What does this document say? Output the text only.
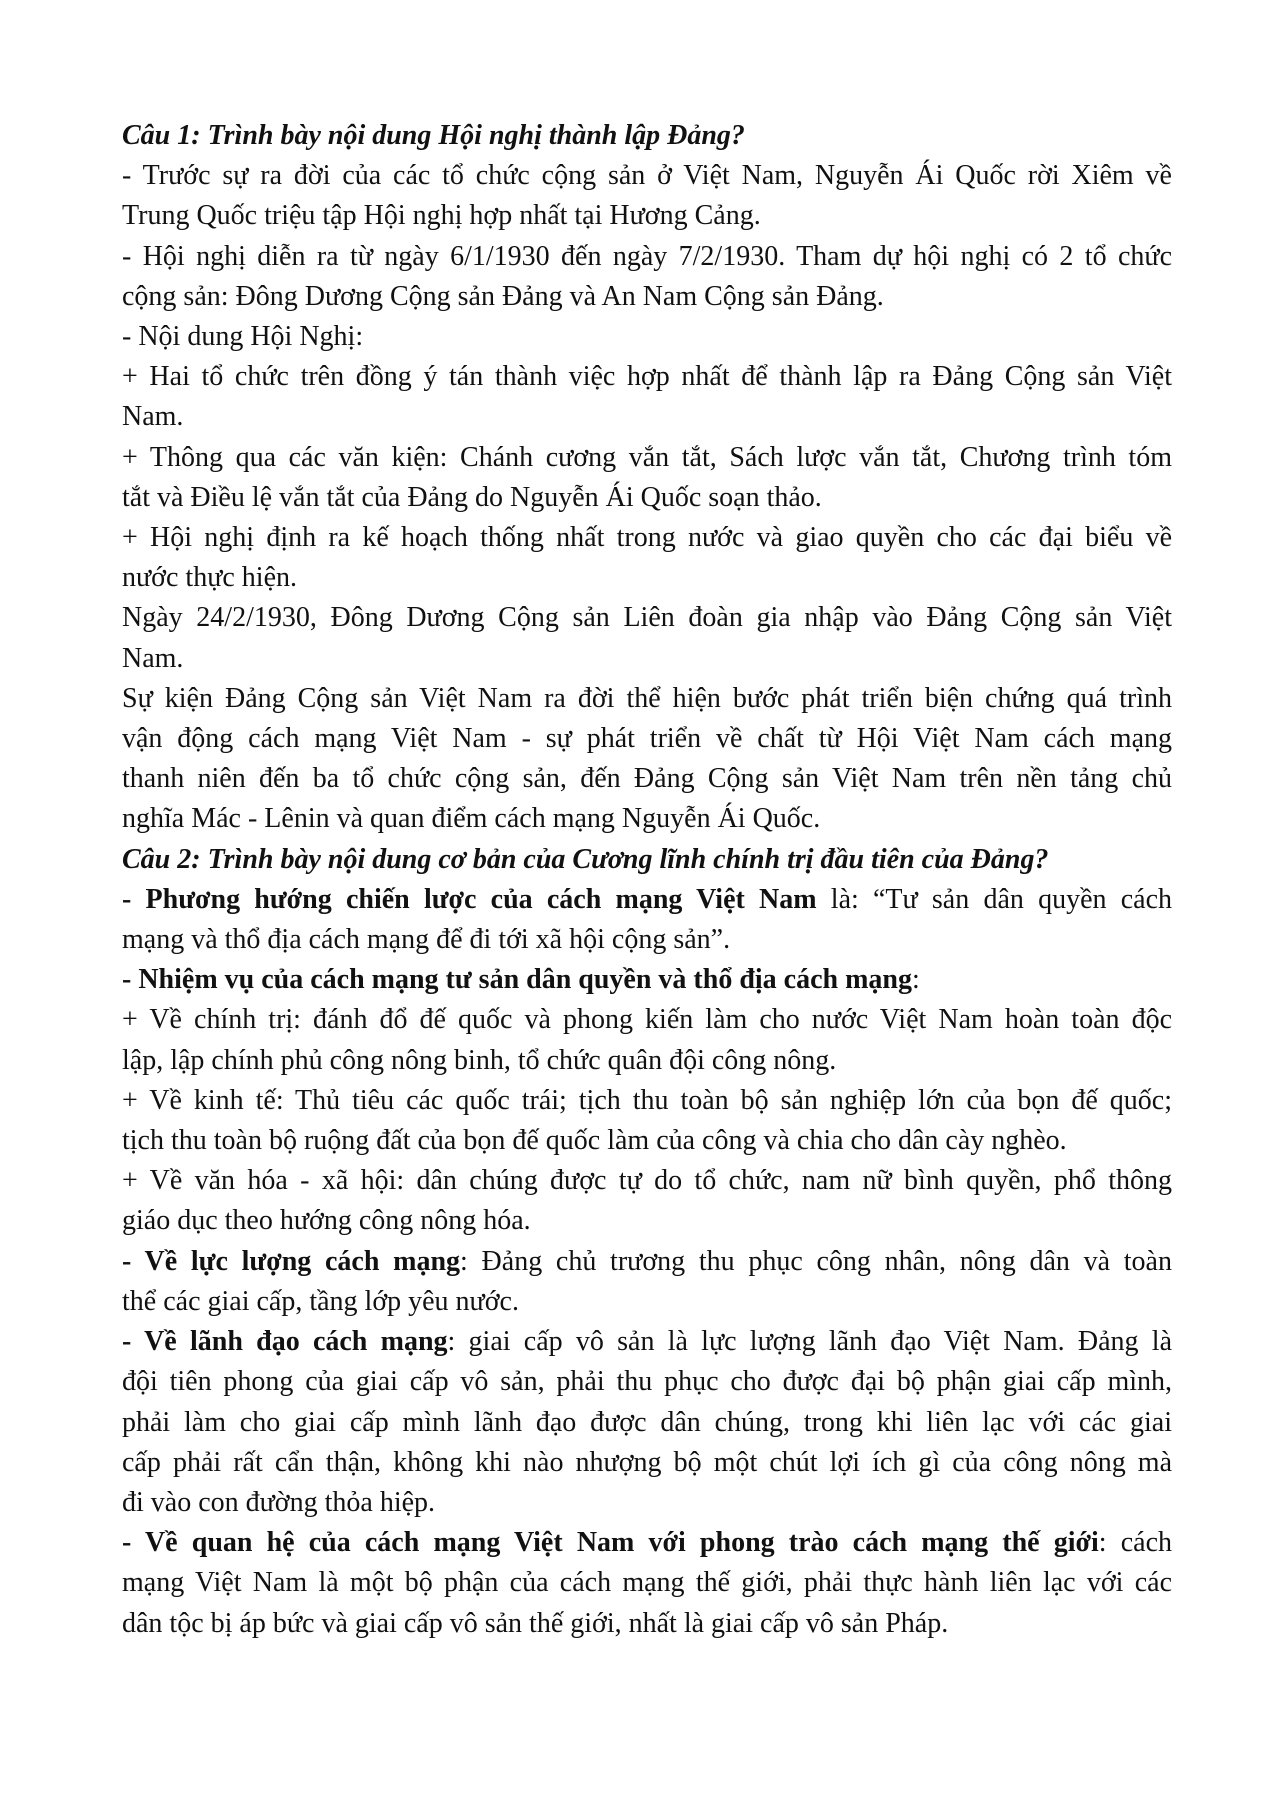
Câu 1: Trình bày nội dung Hội nghị thành lập Đảng?
- Trước sự ra đời của các tổ chức cộng sản ở Việt Nam, Nguyễn Ái Quốc rời Xiêm về
Trung Quốc triệu tập Hội nghị hợp nhất tại Hương Cảng.
- Hội nghị diễn ra từ ngày 6/1/1930 đến ngày 7/2/1930. Tham dự hội nghị có 2 tổ chức
cộng sản: Đông Dương Cộng sản Đảng và An Nam Cộng sản Đảng.
- Nội dung Hội Nghị:
+ Hai tổ chức trên đồng ý tán thành việc hợp nhất để thành lập ra Đảng Cộng sản Việt
Nam.
+ Thông qua các văn kiện: Chánh cương vắn tắt, Sách lược vắn tắt, Chương trình tóm
tắt và Điều lệ vắn tắt của Đảng do Nguyễn Ái Quốc soạn thảo.
+ Hội nghị định ra kế hoạch thống nhất trong nước và giao quyền cho các đại biểu về
nước thực hiện.
Ngày 24/2/1930, Đông Dương Cộng sản Liên đoàn gia nhập vào Đảng Cộng sản Việt
Nam.
Sự kiện Đảng Cộng sản Việt Nam ra đời thể hiện bước phát triển biện chứng quá trình
vận động cách mạng Việt Nam - sự phát triển về chất từ Hội Việt Nam cách mạng
thanh niên đến ba tổ chức cộng sản, đến Đảng Cộng sản Việt Nam trên nền tảng chủ
nghĩa Mác - Lênin và quan điểm cách mạng Nguyễn Ái Quốc.
Câu 2: Trình bày nội dung cơ bản của Cương lĩnh chính trị đầu tiên của Đảng?
- Phương hướng chiến lược của cách mạng Việt Nam là: “Tư sản dân quyền cách
mạng và thổ địa cách mạng để đi tới xã hội cộng sản”.
- Nhiệm vụ của cách mạng tư sản dân quyền và thổ địa cách mạng:
+ Về chính trị: đánh đổ đế quốc và phong kiến làm cho nước Việt Nam hoàn toàn độc
lập, lập chính phủ công nông binh, tổ chức quân đội công nông.
+ Về kinh tế: Thủ tiêu các quốc trái; tịch thu toàn bộ sản nghiệp lớn của bọn đế quốc;
tịch thu toàn bộ ruộng đất của bọn đế quốc làm của công và chia cho dân cày nghèo.
+ Về văn hóa - xã hội: dân chúng được tự do tổ chức, nam nữ bình quyền, phổ thông
giáo dục theo hướng công nông hóa.
- Về lực lượng cách mạng: Đảng chủ trương thu phục công nhân, nông dân và toàn
thể các giai cấp, tầng lớp yêu nước.
- Về lãnh đạo cách mạng: giai cấp vô sản là lực lượng lãnh đạo Việt Nam. Đảng là
đội tiên phong của giai cấp vô sản, phải thu phục cho được đại bộ phận giai cấp mình,
phải làm cho giai cấp mình lãnh đạo được dân chúng, trong khi liên lạc với các giai
cấp phải rất cẩn thận, không khi nào nhượng bộ một chút lợi ích gì của công nông mà
đi vào con đường thỏa hiệp.
- Về quan hệ của cách mạng Việt Nam với phong trào cách mạng thế giới: cách
mạng Việt Nam là một bộ phận của cách mạng thế giới, phải thực hành liên lạc với các
dân tộc bị áp bức và giai cấp vô sản thế giới, nhất là giai cấp vô sản Pháp.
